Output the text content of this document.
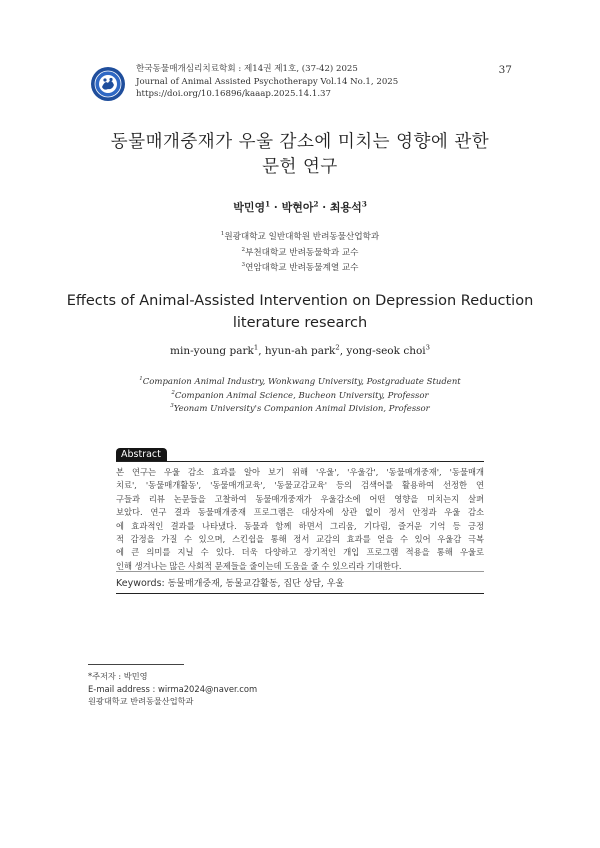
한국동물매개심리치료학회 : 제14권 제1호, (37-42) 2025
Journal of Animal Assisted Psychotherapy Vol.14 No.1, 2025
https://doi.org/10.16896/kaaap.2025.14.1.37
37
동물매개중재가 우울 감소에 미치는 영향에 관한
문헌 연구
박민영$^1$ · 박현아$^2$ · 최용석$^3$
$^1$원광대학교 일반대학원 반려동물산업학과
$^2$부천대학교 반려동물학과 교수
$^3$연암대학교 반려동물계열 교수
Effects of Animal-Assisted Intervention on Depression Reduction
literature research
min-young park$^1$, hyun-ah park$^2$, yong-seok choi$^3$
$^1$Companion Animal Industry, Wonkwang University, Postgraduate Student
$^2$Companion Animal Science, Bucheon University, Professor
$^3$Yeonam University's Companion Animal Division, Professor
Abstract
본 연구는 우울 감소 효과를 알아 보기 위해 '우울', '우울감', '동물매개중재', '동물매개
치료', '동물매개활동', '동물매개교육', '동물교감교육' 등의 검색어를 활용하여 선정한 연
구들과 리뷰 논문들을 고찰하여 동물매개중재가 우울감소에 어떤 영향을 미치는지 살펴
보았다. 연구 결과 동물매개중재 프로그램은 대상자에 상관 없이 정서 안정과 우울 감소
에 효과적인 결과를 나타냈다. 동물과 함께 하면서 그리움, 기다림, 즐거운 기억 등 긍정
적 감정을 가질 수 있으며, 스킨쉽을 통해 정서 교감의 효과를 얻을 수 있어 우울감 극복
에 큰 의미를 지닐 수 있다. 더욱 다양하고 장기적인 개입 프로그램 적용을 통해 우울로
인해 생겨나는 많은 사회적 문제들을 줄이는데 도움을 줄 수 있으리라 기대한다.
Keywords: 동물매개중재, 동물교감활동, 집단 상담, 우울
*주저자 : 박민영
E-mail address : wirma2024@naver.com
원광대학교 반려동물산업학과
